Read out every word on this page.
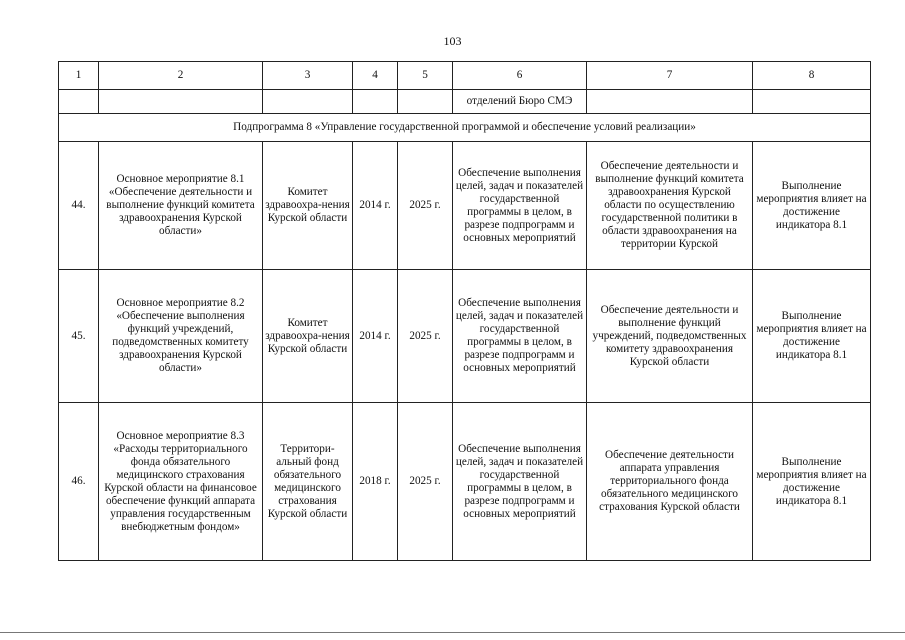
103
1	2	3	4	5	6	7	8
					отделений Бюро СМЭ		
Подпрограмма 8 «Управление государственной программой и обеспечение условий реализации»							
44.	Основное мероприятие 8.1 «Обеспечение деятельности и выполнение функций комитета здравоохранения Курской области»	Комитет здравоохра-нения Курской области	2014 г.	2025 г.	Обеспечение выполнения целей, задач и показателей государственной программы в целом, в разрезе подпрограмм и основных мероприятий	Обеспечение деятельности и выполнение функций комитета здравоохранения Курской области по осуществлению государственной политики в области здравоохранения на территории Курской	Выполнение мероприятия влияет на достижение индикатора 8.1
45.	Основное мероприятие 8.2 «Обеспечение выполнения функций учреждений, подведомственных комитету здравоохранения Курской области»	Комитет здравоохра-нения Курской области	2014 г.	2025 г.	Обеспечение выполнения целей, задач и показателей государственной программы в целом, в разрезе подпрограмм и основных мероприятий	Обеспечение деятельности и выполнение функций учреждений, подведомственных комитету здравоохранения Курской области	Выполнение мероприятия влияет на достижение индикатора 8.1
46.	Основное мероприятие 8.3 «Расходы территориального фонда обязательного медицинского страхования Курской области на финансовое обеспечение функций аппарата управления государственным внебюджетным фондом»	Территори-альный фонд обязательного медицинского страхования Курской области	2018 г.	2025 г.	Обеспечение выполнения целей, задач и показателей государственной программы в целом, в разрезе подпрограмм и основных мероприятий	Обеспечение деятельности аппарата управления территориального фонда обязательного медицинского страхования Курской области	Выполнение мероприятия влияет на достижение индикатора 8.1
